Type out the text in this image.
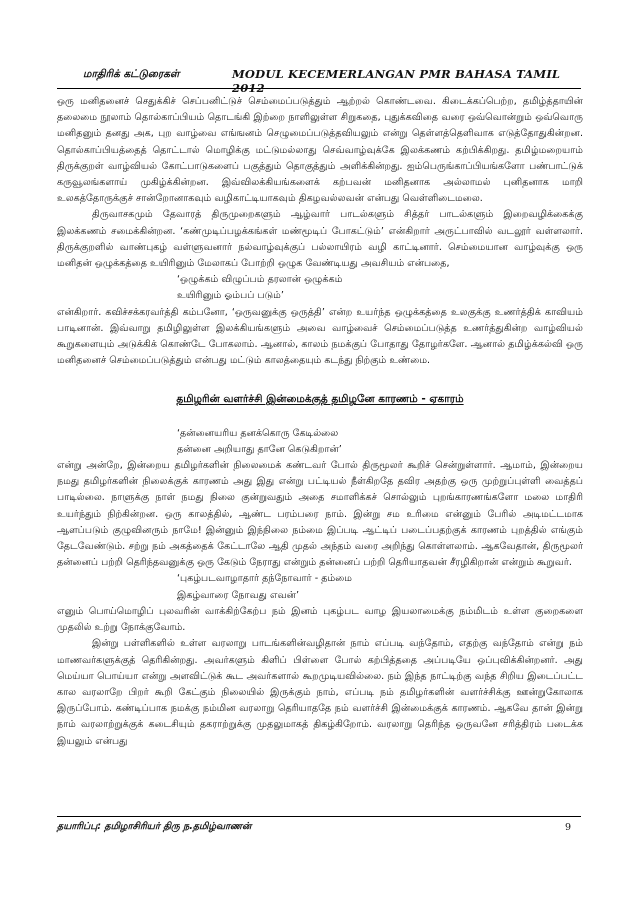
மாதிரிக் கட்டுரைகள்	MODUL KECEMERLANGAN PMR BAHASA TAMIL 2012

ஒரு மனிதனைச் செதுக்கிச் செப்பனிட்டுச் செம்மைப்படுத்தும் ஆற்றல் கொண்டவை. கிடைக்கப்பெற்ற, தமிழ்த்தாயின் தலைமை நூலாம் தொல்காப்பியம் தொடங்கி இற்றை நாளிலுள்ள சிறுகதை, புதுக்கவிதை வரை ஒவ்வொன்றும் ஒவ்வொரு மனிதனும் தனது அக, புற வாழ்வை எங்ஙனம் செழுமைப்படுத்தவியலும் என்று தெள்ளத்தெளிவாக எடுத்தோதுகின்றன. தொல்காப்பியத்தைத் தொட்டால் மொழிக்கு மட்டுமல்லாது செவ்வாழ்வுக்கே இலக்கணம் கற்பிக்கிறது. தமிழ்மறையாம் திருக்குறள் வாழ்வியல் கோட்பாடுகளைப் பகுத்தும் தொகுத்தும் அளிக்கின்றது. ஐம்பெருங்காப்பியங்களோ பண்பாட்டுக் கருவூலங்களாய் முகிழ்க்கின்றன. இவ்விலக்கியங்களைக் கற்பவன் மனிதனாக அல்லாமல் புனிதனாக மாறி உலகத்தோருக்குச் சான்றோனாகவும் வழிகாட்டியாகவும் திகழவல்லவன் என்பது வெள்ளிடைமலை.

திருவாசகமும் தேவாரத் திருமுறைகளும் ஆழ்வார் பாடல்களும் சித்தர் பாடல்களும் இறைவழிக்கைக்கு இலக்கணம் சமைக்கின்றன. ‘கண்முடிப்பழக்கங்கள் மண்மூடிப் போகட்டும்’ என்கிறார் அருட்பாவில் வடலூர் வள்ளலார். திருக்குறளில் வாண்புகழ் வள்ளுவனார் நல்வாழ்வுக்குப் பல்லாயிரம் வழி காட்டினார். செம்மையான வாழ்வுக்கு ஒரு மனிதன் ஒழுக்கத்தை உயிரினும் மேலாகப் போற்றி ஒழுக வேண்டியது அவசியம் என்பதை,

‘ஒழுக்கம் விழுப்பம் தரலான் ஒழுக்கம்

உயிரினும் ஓம்பப் படும்’

என்கிறார். கவிச்சக்கரவர்த்தி கம்பனோ, ‘ஒருவனுக்கு ஒருத்தி’ என்ற உயர்ந்த ஒழுக்கத்தை உலகுக்கு உணர்த்திக் காவியம் பாடினான். இவ்வாறு தமிழிலுள்ள இலக்கியங்களும் அவை வாழ்வைச் செம்மைப்படுத்த உணர்த்துகின்ற வாழ்வியல் கூறுகளையும் அடுக்கிக் கொண்டே போகலாம். ஆனால், காலம் நமக்குப் போதாது தோழர்களே. ஆனால் தமிழ்க்கல்வி ஒரு மனிதனைச் செம்மைப்படுத்தும் என்பது மட்டும் காலத்தையும் கடந்து நிற்கும் உண்மை.

தமிழரின் வளர்ச்சி இன்மைக்குத் தமிழனே காரணம் - ஏகாரம்

‘தன்னையரிய தனக்கொரு கேடில்லை

தன்னை அறியாது தானே கெடுகிறான்’

என்று அன்றே, இன்றைய தமிழர்களின் நிலைமைக் கண்டவர் போல் திருமூலர் கூறிச் சென்றுள்ளார். ஆமாம், இன்றைய நமது தமிழர்களின் நிலைக்குக் காரணம் அது இது என்று பட்டியல் நீள்கிறதே தவிர அதற்கு ஒரு முற்றுப்புள்ளி வைத்தப் பாடில்லை. நாளுக்கு நாள் நமது நிலை குன்றுவதும் அதை சமாளிக்கச் சொல்லும் புறங்காரணங்களோ மலை மாதிரி உயர்ந்தும் நிற்கின்றன. ஒரு காலத்தில், ஆண்ட பரம்பரை நாம். இன்று சம உரிமை என்னும் பேரில் அடிமட்டமாக ஆளப்படும் குழுவினரும் நாமே! இன்னும் இந்நிலை நம்மை இப்படி ஆட்டிப் படைப்பதற்குக் காரணம் புறத்தில் எங்கும் தேடவேண்டும். சற்று நம் அகத்தைக் கேட்டாலே ஆதி முதல் அந்தம் வரை அறிந்து கொள்ளலாம். ஆகவேதான், திருமூலர் தன்னைப் பற்றி தெரிந்தவனுக்கு ஒரு கேடும் நேராது என்றும் தன்னைப் பற்றி தெரியாதவன் சீரழிகிறான் என்றும் கூறுவர்.

‘புகழ்படவாழாதார் தந்நோவார் - தம்மை

இகழ்வாரை நோவது எவன்’

எனும் பொய்மொழிப் புலவரின் வாக்கிற்கேற்ப நம் இனம் புகழ்பட வாழ இயலாமைக்கு நம்மிடம் உள்ள குறைகளை முதலில் உற்று நோக்குவோம்.

இன்று பள்ளிகளில் உள்ள வரலாறு பாடங்களின்வழிதான் நாம் எப்படி வந்தோம், எதற்கு வந்தோம் என்று நம் மாணவர்களுக்குத் தெரிகின்றது. அவர்களும் கிளிப் பிள்ளை போல் கற்பித்ததை அப்படியே ஒப்புவிக்கின்றனர். அது மெய்யா பொய்யா என்று அளவிட்டுக் கூட அவர்களால் கூறமுடியவில்லை. நம் இந்த நாட்டிற்கு வந்த சிறிய இடைப்பட்ட கால வரலாறே பிறர் கூறி கேட்கும் நிலையில் இருக்கும் நாம், எப்படி நம் தமிழர்களின் வளர்ச்சிக்கு ஊன்றுகோலாக இருப்போம். கண்டிப்பாக நமக்கு நம்மின வரலாறு தெரியாததே நம் வளர்ச்சி இன்மைக்குக் காரணம். ஆகவே தான் இன்று நாம் வரலாற்றுக்குக் கடைசியும் தகராற்றுக்கு முதலுமாகத் திகழ்கிறோம். வரலாறு தெரிந்த ஒருவனே சரித்திரம் படைக்க இயலும் என்பது

தயாரிப்பு: தமிழாசிரியர் திரு ந.தமிழ்வாணன்	9
